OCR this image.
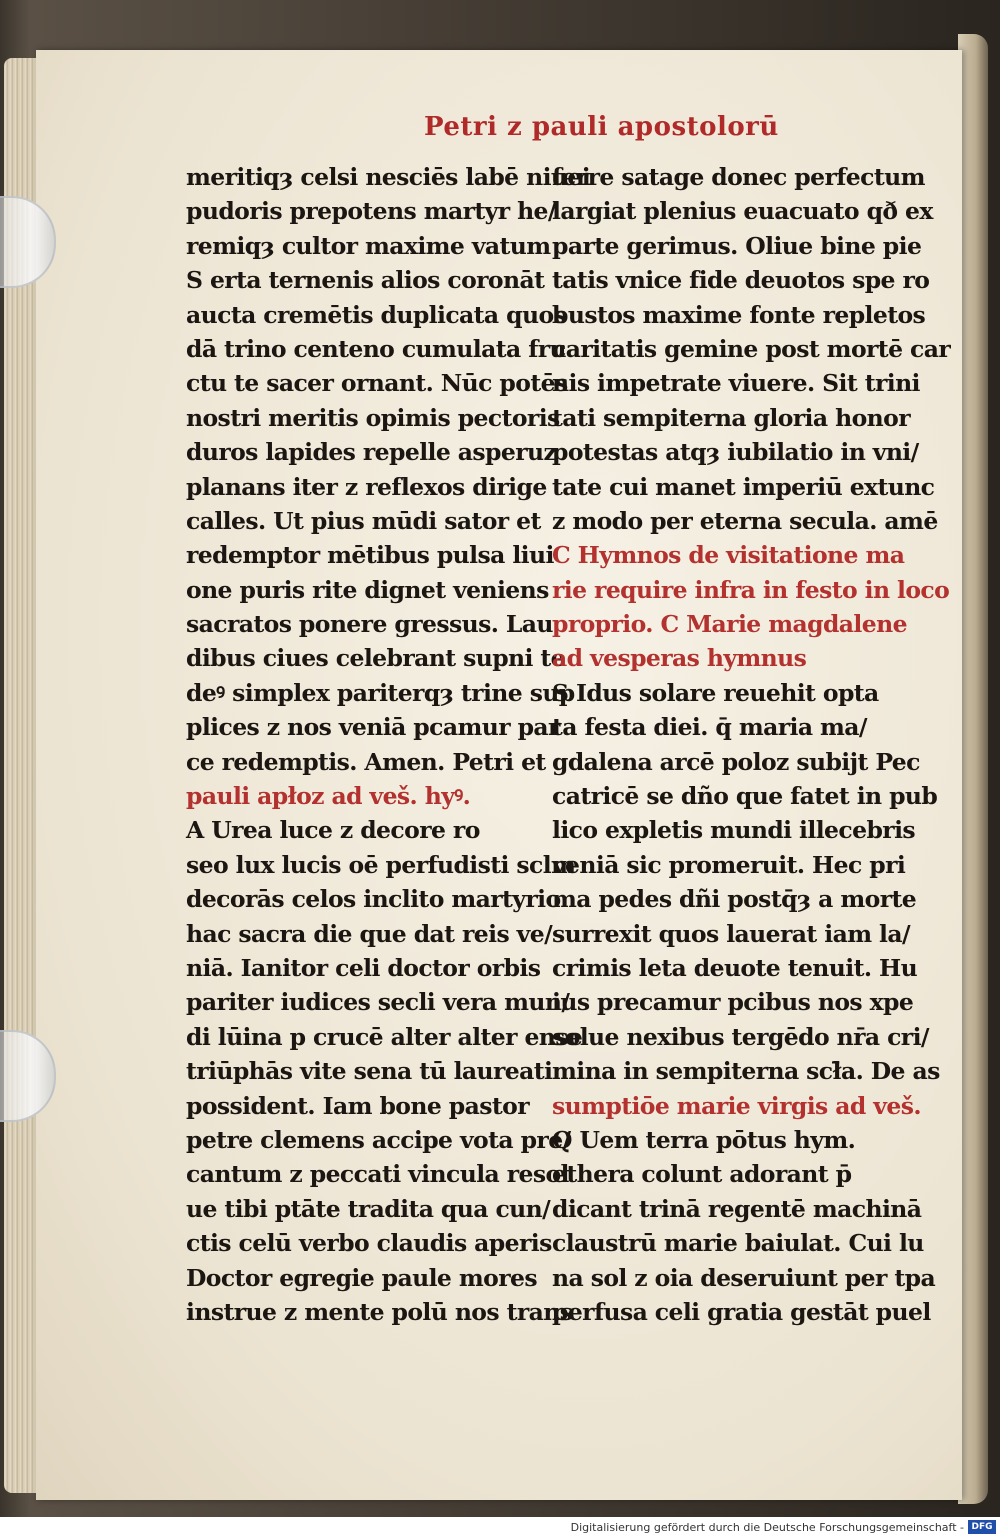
Petri z pauli apostolorū
meritiqȝ celsi nesciēs labē niuei
pudoris prepotens martyr he/
remiqȝ cultor maxime vatum
S erta ternenis alios coronāt
aucta cremētis duplicata quos
dā trino centeno cumulata fru
ctu te sacer ornant. Nūc potēs
nostri meritis opimis pectoris
duros lapides repelle asperuz
planans iter z reflexos dirige
calles. Ut pius mūdi sator et
redemptor mētibus pulsa liui
one puris rite dignet veniens
sacratos ponere gressus. Lau
dibus ciues celebrant supni te
deꝰ simplex pariterqȝ trine sup
plices z nos veniā pcamur par
ce redemptis. Amen. Petri et
pauli apłoz ad veš. hyꝰ.
A Urea luce z decore ro
seo lux lucis oē perfudisti sclm
decorās celos inclito martyrio
hac sacra die que dat reis ve/
niā. Ianitor celi doctor orbis
pariter iudices secli vera mun/
di lūina p crucē alter alter ense
triūphās vite sena tū laureati
possident. Iam bone pastor
petre clemens accipe vota pre/
cantum z peccati vincula resol
ue tibi ptāte tradita qua cun/
ctis celū verbo claudis aperis
Doctor egregie paule mores
instrue z mente polū nos trans
ferre satage donec perfectum
largiat plenius euacuato qð ex
parte gerimus. Oliue bine pie
tatis vnice fide deuotos spe ro
bustos maxime fonte repletos
caritatis gemine post mortē car
nis impetrate viuere. Sit trini
tati sempiterna gloria honor
potestas atqȝ iubilatio in vni/
tate cui manet imperiū extunc
z modo per eterna secula. amē
C Hymnos de visitatione ma
rie require infra in festo in loco
proprio. C Marie magdalene
ad vesperas hymnus
S Idus solare reuehit opta
ta festa diei. q̄ maria ma/
gdalena arcē poloz subijt Pec
catricē se dño que fatet in pub
lico expletis mundi illecebris
veniā sic promeruit. Hec pri
ma pedes dñi postq̄ȝ a morte
surrexit quos lauerat iam la/
crimis leta deuote tenuit. Hu
ius precamur pcibus nos xpe
solue nexibus tergēdo nr̄a cri/
mina in sempiterna scł̄a. De as
sumptiōe marie virgis ad veš.
Q Uem terra pōtus hym.
ethera colunt adorant p̄
dicant trinā regentē machinā
claustrū marie baiulat. Cui lu
na sol z oia deseruiunt per tpa
perfusa celi gratia gestāt puel
Digitalisierung gefördert durch die Deutsche Forschungsgemeinschaft - DFG
